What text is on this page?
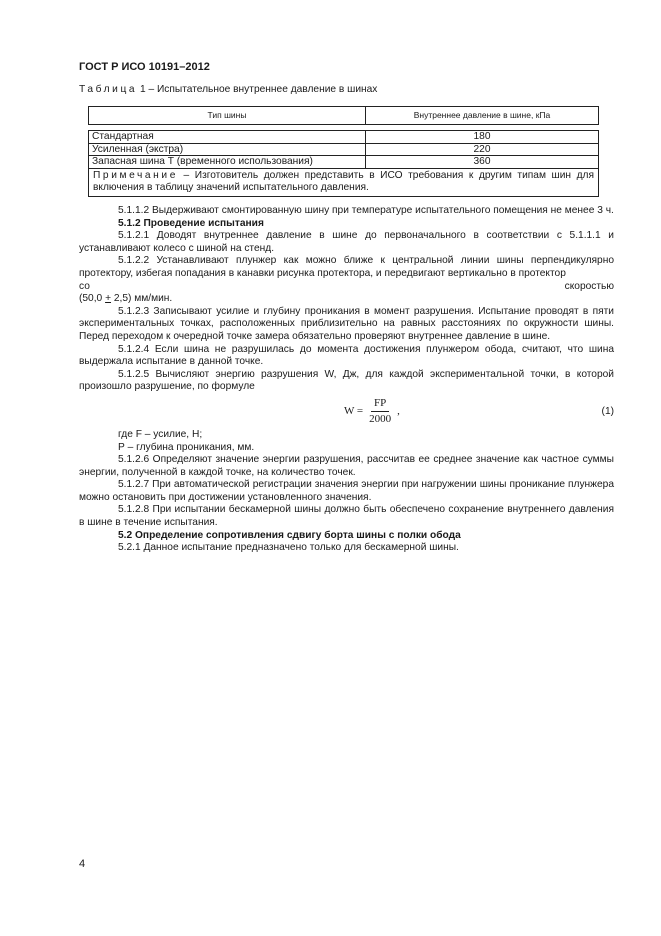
ГОСТ Р ИСО 10191–2012
Таблица 1 – Испытательное внутреннее давление в шинах
Тип шины	Внутреннее давление в шине, кПа

Стандартная	180
Усиленная (экстра)	220
Запасная шина Т (временного использования)	360
Примечание – Изготовитель должен представить в ИСО требования к другим типам шин для включения в таблицу значений испытательного давления.	

5.1.1.2 Выдерживают смонтированную шину при температуре испытательного помещения не менее 3 ч.

5.1.2 Проведение испытания

5.1.2.1 Доводят внутреннее давление в шине до первоначального в соответствии с 5.1.1.1 и устанавливают колесо с шиной на стенд.

5.1.2.2 Устанавливают плунжер как можно ближе к центральной линии шины перпендикулярно протектору, избегая попадания в канавки рисунка протектора, и передвигают вертикально в протектор

со	скоростью

(50,0 + 2,5) мм/мин.

5.1.2.3 Записывают усилие и глубину проникания в момент разрушения. Испытание проводят в пяти экспериментальных точках, расположенных приблизительно на равных расстояниях по окружности шины. Перед переходом к очередной точке замера обязательно проверяют внутреннее давление в шине.

5.1.2.4 Если шина не разрушилась до момента достижения плунжером обода, считают, что шина выдержала испытание в данной точке.

5.1.2.5 Вычисляют энергию разрушения W, Дж, для каждой экспериментальной точки, в которой произошло разрушение, по формуле

$W = \frac{FP}{2000}$ ,	(1)

где F – усилие, Н;

Р – глубина проникания, мм.

5.1.2.6 Определяют значение энергии разрушения, рассчитав ее среднее значение как частное суммы энергии, полученной в каждой точке, на количество точек.

5.1.2.7 При автоматической регистрации значения энергии при нагружении шины проникание плунжера можно остановить при достижении установленного значения.

5.1.2.8 При испытании бескамерной шины должно быть обеспечено сохранение внутреннего давления в шине в течение испытания.

5.2 Определение сопротивления сдвигу борта шины с полки обода

5.2.1 Данное испытание предназначено только для бескамерной шины.

4
